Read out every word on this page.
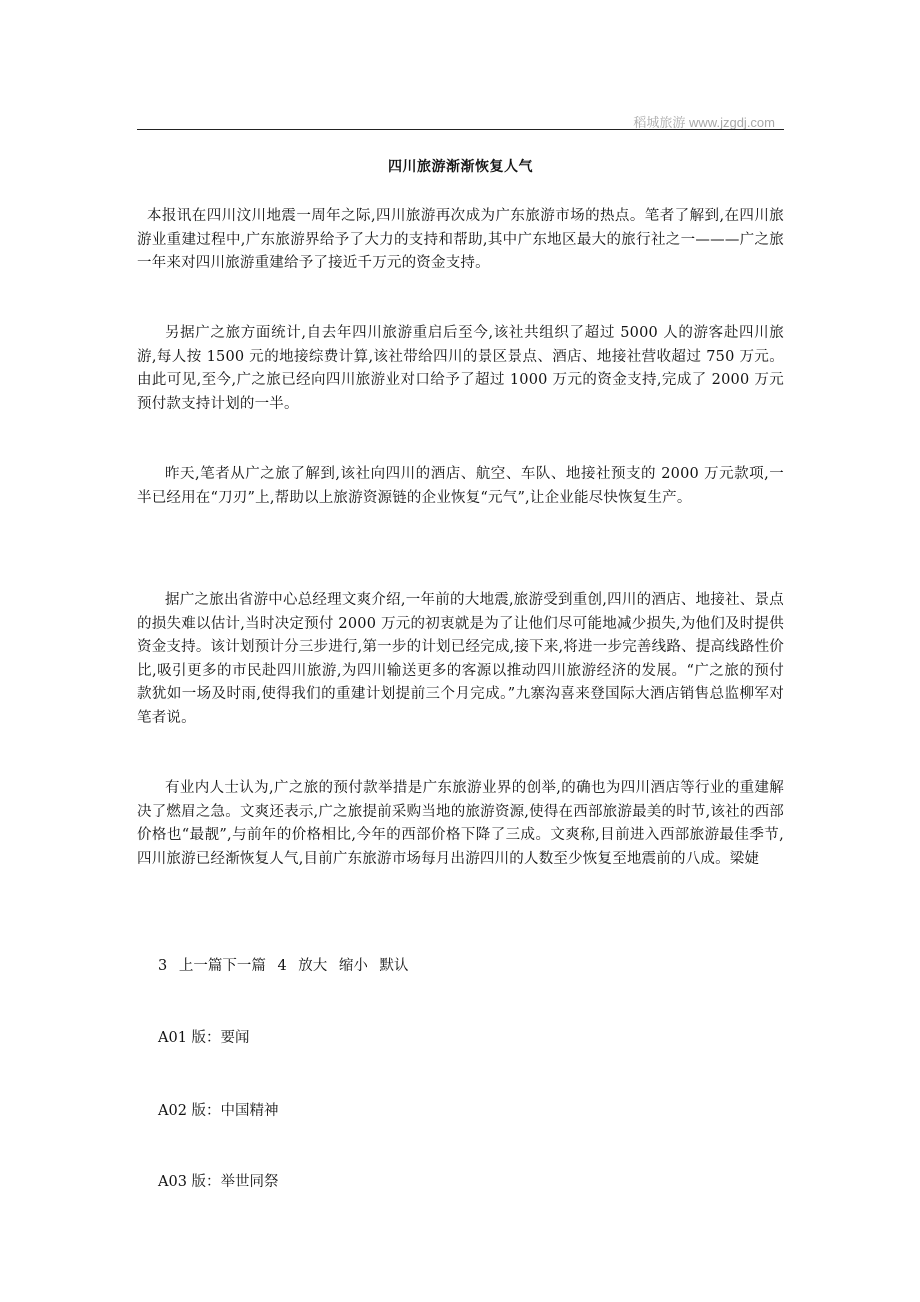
稻城旅游 www.jzgdj.com
四川旅游渐渐恢复人气

本报讯在四川汶川地震一周年之际,四川旅游再次成为广东旅游市场的热点。笔者了解到,在四川旅游业重建过程中,广东旅游界给予了大力的支持和帮助,其中广东地区最大的旅行社之一———广之旅一年来对四川旅游重建给予了接近千万元的资金支持。

另据广之旅方面统计,自去年四川旅游重启后至今,该社共组织了超过 5000 人的游客赴四川旅游,每人按 1500 元的地接综费计算,该社带给四川的景区景点、酒店、地接社营收超过 750 万元。由此可见,至今,广之旅已经向四川旅游业对口给予了超过 1000 万元的资金支持,完成了 2000 万元预付款支持计划的一半。

昨天,笔者从广之旅了解到,该社向四川的酒店、航空、车队、地接社预支的 2000 万元款项,一半已经用在“刀刃”上,帮助以上旅游资源链的企业恢复“元气”,让企业能尽快恢复生产。

据广之旅出省游中心总经理文爽介绍,一年前的大地震,旅游受到重创,四川的酒店、地接社、景点的损失难以估计,当时决定预付 2000 万元的初衷就是为了让他们尽可能地减少损失,为他们及时提供资金支持。该计划预计分三步进行,第一步的计划已经完成,接下来,将进一步完善线路、提高线路性价比,吸引更多的市民赴四川旅游,为四川输送更多的客源以推动四川旅游经济的发展。“广之旅的预付款犹如一场及时雨,使得我们的重建计划提前三个月完成。”九寨沟喜来登国际大酒店销售总监柳军对笔者说。

有业内人士认为,广之旅的预付款举措是广东旅游业界的创举,的确也为四川酒店等行业的重建解决了燃眉之急。文爽还表示,广之旅提前采购当地的旅游资源,使得在西部旅游最美的时节,该社的西部价格也“最靓”,与前年的价格相比,今年的西部价格下降了三成。文爽称,目前进入西部旅游最佳季节,四川旅游已经渐恢复人气,目前广东旅游市场每月出游四川的人数至少恢复至地震前的八成。梁婕

3 上一篇下一篇 4 放大 缩小 默认
A01 版：要闻
A02 版：中国精神
A03 版：举世同祭
